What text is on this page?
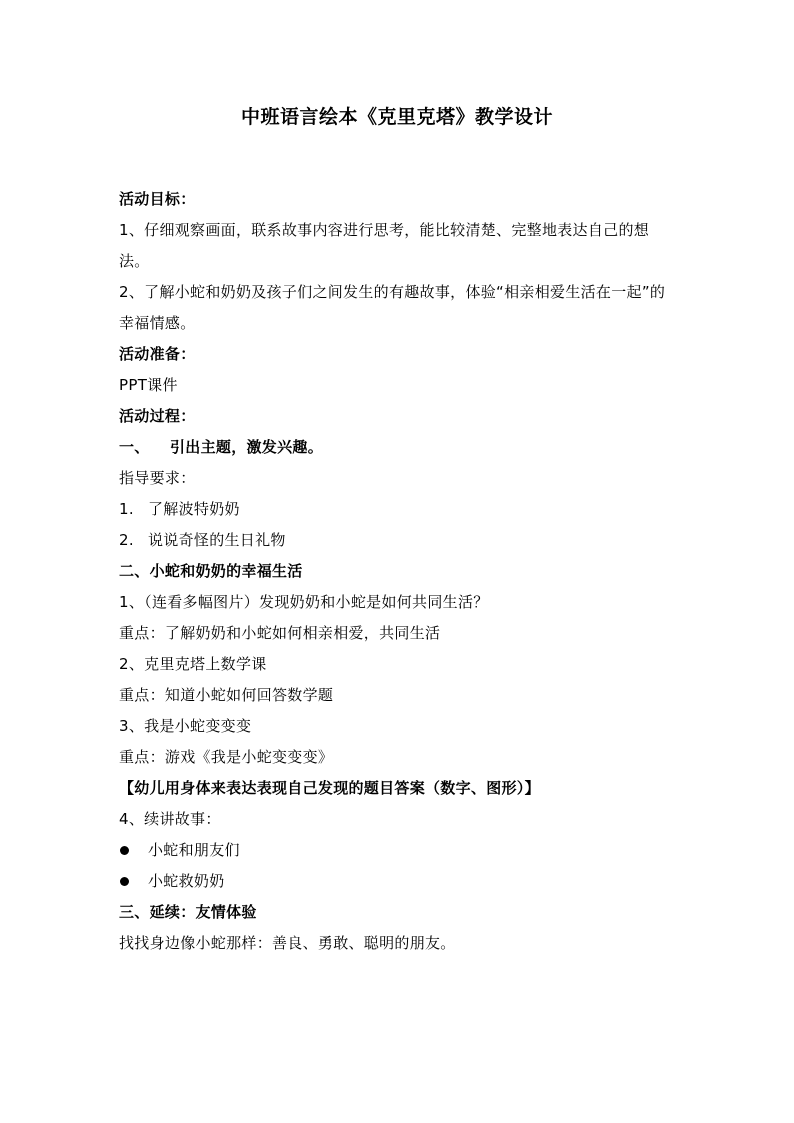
中班语言绘本《克里克塔》教学设计
活动目标：
1、仔细观察画面，联系故事内容进行思考，能比较清楚、完整地表达自己的想法。
2、了解小蛇和奶奶及孩子们之间发生的有趣故事，体验“相亲相爱生活在一起”的幸福情感。
活动准备：
PPT课件
活动过程：
一、 引出主题，激发兴趣。
指导要求：
1. 了解波特奶奶
2. 说说奇怪的生日礼物
二、小蛇和奶奶的幸福生活
1、（连看多幅图片）发现奶奶和小蛇是如何共同生活？
重点：了解奶奶和小蛇如何相亲相爱，共同生活
2、克里克塔上数学课
重点：知道小蛇如何回答数学题
3、我是小蛇变变变
重点：游戏《我是小蛇变变变》
【幼儿用身体来表达表现自己发现的题目答案（数字、图形）】
4、续讲故事：
小蛇和朋友们
小蛇救奶奶
三、延续：友情体验
找找身边像小蛇那样：善良、勇敢、聪明的朋友。
